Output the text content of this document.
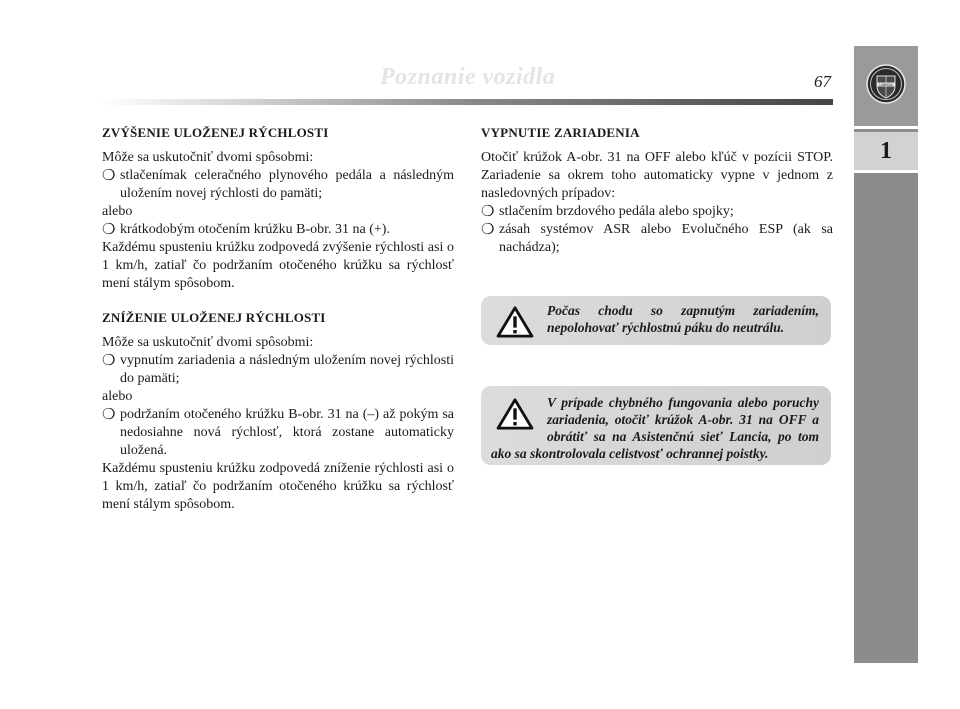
Poznanie vozidla	67	LANCIA
1

ZVÝŠENIE ULOŽENEJ RÝCHLOSTI

Môže sa uskutočniť dvomi spôsobmi:

❍ stlačenímak celeračného plynového pedála a následným uložením novej rýchlosti do pamäti;

alebo

❍ krátkodobým otočením krúžku B-obr. 31 na (+).

Každému spusteniu krúžku zodpovedá zvýšenie rýchlosti asi o 1 km/h, zatiaľ čo podržaním otočeného krúžku sa rýchlosť mení stálym spôsobom.

ZNÍŽENIE ULOŽENEJ RÝCHLOSTI

Môže sa uskutočniť dvomi spôsobmi:

❍ vypnutím zariadenia a následným uložením novej rýchlosti do pamäti;

alebo

❍ podržaním otočeného krúžku B-obr. 31 na (–) až pokým sa nedosiahne nová rýchlosť, ktorá zostane automaticky uložená.

Každému spusteniu krúžku zodpovedá zníženie rýchlosti asi o 1 km/h, zatiaľ čo podržaním otočeného krúžku sa rýchlosť mení stálym spôsobom.

VYPNUTIE ZARIADENIA

Otočiť krúžok A-obr. 31 na OFF alebo kľúč v pozícii STOP. Zariadenie sa okrem toho automaticky vypne v jednom z nasledovných prípadov:

❍ stlačením brzdového pedála alebo spojky;
❍ zásah systémov ASR alebo Evolučného ESP (ak sa nachádza);
Počas chodu so zapnutým zariadením, nepolohovať rýchlostnú páku do neutrálu.
V prípade chybného fungovania alebo poruchy zariadenia, otočiť krúžok A-obr. 31 na OFF a obrátiť sa na Asistenčnú sieť Lancia, po tom ako sa skontrolovala celistvosť ochrannej poistky.
